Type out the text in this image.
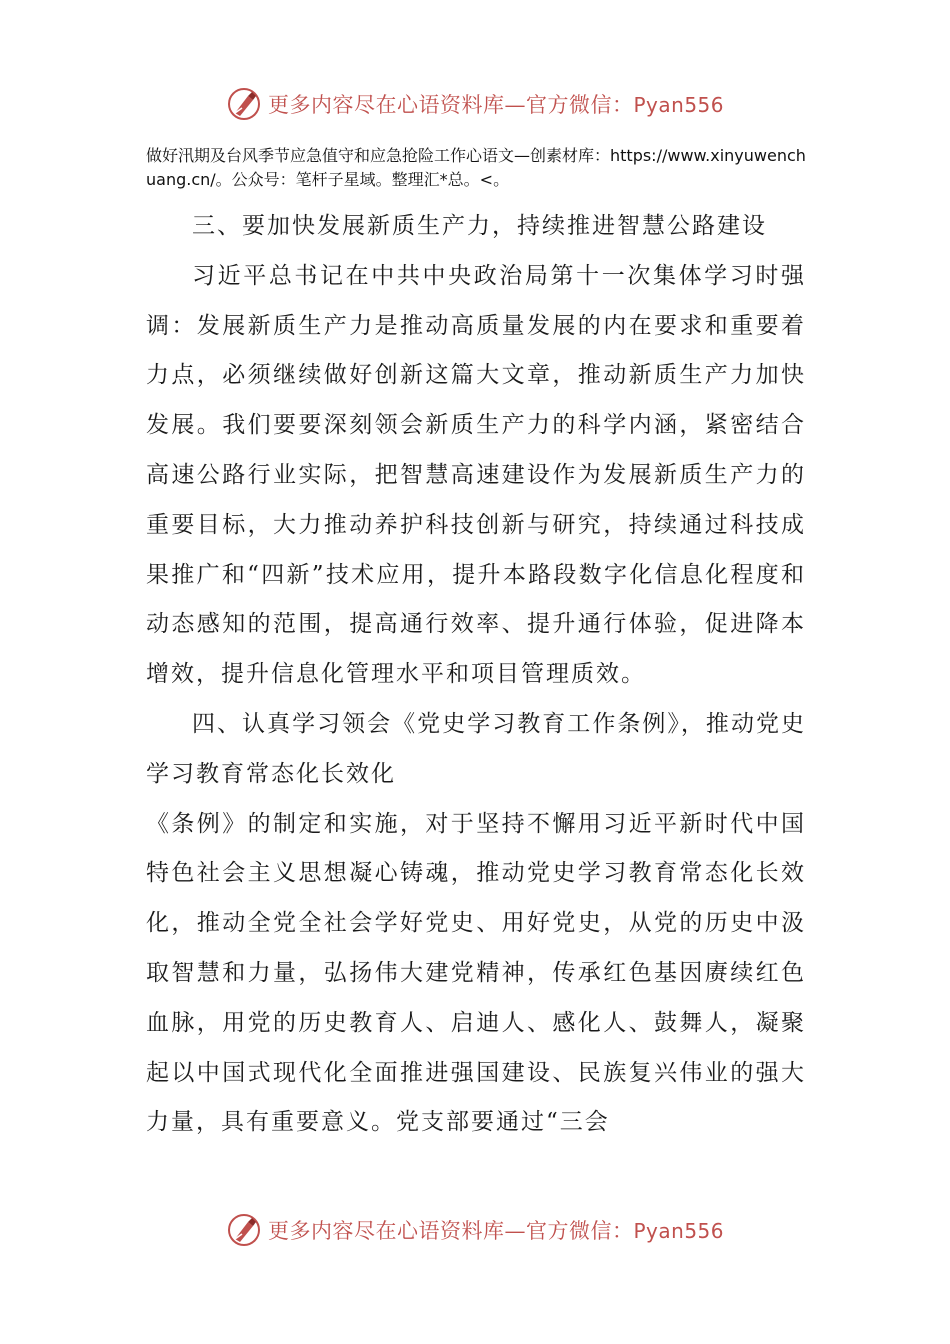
更多内容尽在心语资料库—官方微信：Pyan556
做好汛期及台风季节应急值守和应急抢险工作心语文—创素材库：https://www.xinyuwenchuang.cn/。公众号：笔杆子星域。整理汇*总。<。

三、要加快发展新质生产力，持续推进智慧公路建设

习近平总书记在中共中央政治局第十一次集体学习时强调：发展新质生产力是推动高质量发展的内在要求和重要着力点，必须继续做好创新这篇大文章，推动新质生产力加快发展。我们要要深刻领会新质生产力的科学内涵，紧密结合高速公路行业实际，把智慧高速建设作为发展新质生产力的重要目标，大力推动养护科技创新与研究，持续通过科技成果推广和“四新”技术应用，提升本路段数字化信息化程度和动态感知的范围，提高通行效率、提升通行体验，促进降本增效，提升信息化管理水平和项目管理质效。

四、认真学习领会《党史学习教育工作条例》，推动党史学习教育常态化长效化

《条例》的制定和实施，对于坚持不懈用习近平新时代中国特色社会主义思想凝心铸魂，推动党史学习教育常态化长效化，推动全党全社会学好党史、用好党史，从党的历史中汲取智慧和力量，弘扬伟大建党精神，传承红色基因赓续红色血脉，用党的历史教育人、启迪人、感化人、鼓舞人，凝聚起以中国式现代化全面推进强国建设、民族复兴伟业的强大力量，具有重要意义。党支部要通过“三会

更多内容尽在心语资料库—官方微信：Pyan556
